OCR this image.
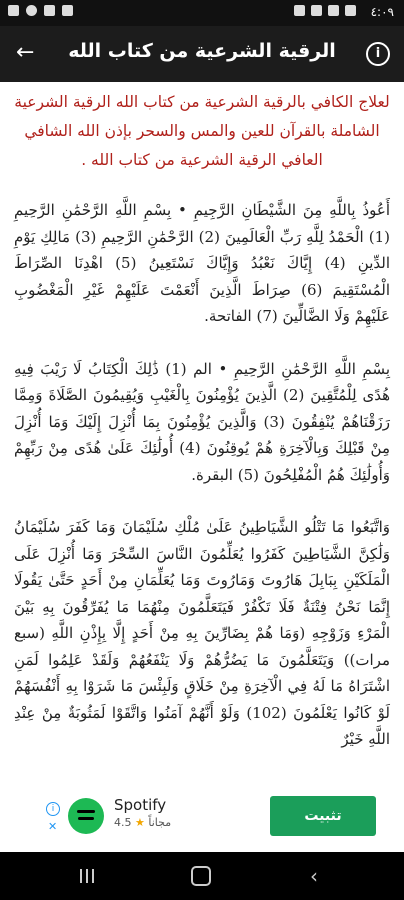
٤:٠٩
←	الرقية الشرعية من كتاب الله	i
لعلاج الكافي بالرقية الشرعية من كتاب الله الرقية الشرعية الشاملة بالقرآن للعين والمس والسحر بإذن الله الشافي العافي الرقية الشرعية من كتاب الله .

أَعُوذُ بِاللَّهِ مِنَ الشَّيْطَانِ الرَّجِيمِ • بِسْمِ اللَّهِ الرَّحْمَٰنِ الرَّحِيمِ (1) الْحَمْدُ لِلَّهِ رَبِّ الْعَالَمِينَ (2) الرَّحْمَٰنِ الرَّحِيمِ (3) مَالِكِ يَوْمِ الدِّينِ (4) إِيَّاكَ نَعْبُدُ وَإِيَّاكَ نَسْتَعِينُ (5) اهْدِنَا الصِّرَاطَ الْمُسْتَقِيمَ (6) صِرَاطَ الَّذِينَ أَنْعَمْتَ عَلَيْهِمْ غَيْرِ الْمَغْضُوبِ عَلَيْهِمْ وَلَا الضَّالِّينَ (7) الفاتحة.

بِسْمِ اللَّهِ الرَّحْمَٰنِ الرَّحِيمِ • الم (1) ذَٰلِكَ الْكِتَابُ لَا رَيْبَ فِيهِ هُدًى لِلْمُتَّقِينَ (2) الَّذِينَ يُؤْمِنُونَ بِالْغَيْبِ وَيُقِيمُونَ الصَّلَاةَ وَمِمَّا رَزَقْنَاهُمْ يُنْفِقُونَ (3) وَالَّذِينَ يُؤْمِنُونَ بِمَا أُنْزِلَ إِلَيْكَ وَمَا أُنْزِلَ مِنْ قَبْلِكَ وَبِالْآخِرَةِ هُمْ يُوقِنُونَ (4) أُولَٰئِكَ عَلَىٰ هُدًى مِنْ رَبِّهِمْ وَأُولَٰئِكَ هُمُ الْمُفْلِحُونَ (5) البقرة.

وَاتَّبَعُوا مَا تَتْلُو الشَّيَاطِينُ عَلَىٰ مُلْكِ سُلَيْمَانَ وَمَا كَفَرَ سُلَيْمَانُ وَلَٰكِنَّ الشَّيَاطِينَ كَفَرُوا يُعَلِّمُونَ النَّاسَ السِّحْرَ وَمَا أُنْزِلَ عَلَى الْمَلَكَيْنِ بِبَابِلَ هَارُوتَ وَمَارُوتَ وَمَا يُعَلِّمَانِ مِنْ أَحَدٍ حَتَّىٰ يَقُولَا إِنَّمَا نَحْنُ فِتْنَةٌ فَلَا تَكْفُرْ فَيَتَعَلَّمُونَ مِنْهُمَا مَا يُفَرِّقُونَ بِهِ بَيْنَ الْمَرْءِ وَزَوْجِهِ (وَمَا هُمْ بِضَارِّينَ بِهِ مِنْ أَحَدٍ إِلَّا بِإِذْنِ اللَّهِ (سبع مرات)) وَيَتَعَلَّمُونَ مَا يَضُرُّهُمْ وَلَا يَنْفَعُهُمْ وَلَقَدْ عَلِمُوا لَمَنِ اشْتَرَاهُ مَا لَهُ فِي الْآخِرَةِ مِنْ خَلَاقٍ وَلَبِئْسَ مَا شَرَوْا بِهِ أَنْفُسَهُمْ لَوْ كَانُوا يَعْلَمُونَ (102) وَلَوْ أَنَّهُمْ آمَنُوا وَاتَّقَوْا لَمَثُوبَةٌ مِنْ عِنْدِ اللَّهِ خَيْرٌ

i
✕
Spotify
4.5 ★ مجاناً	تثبيت
‹
